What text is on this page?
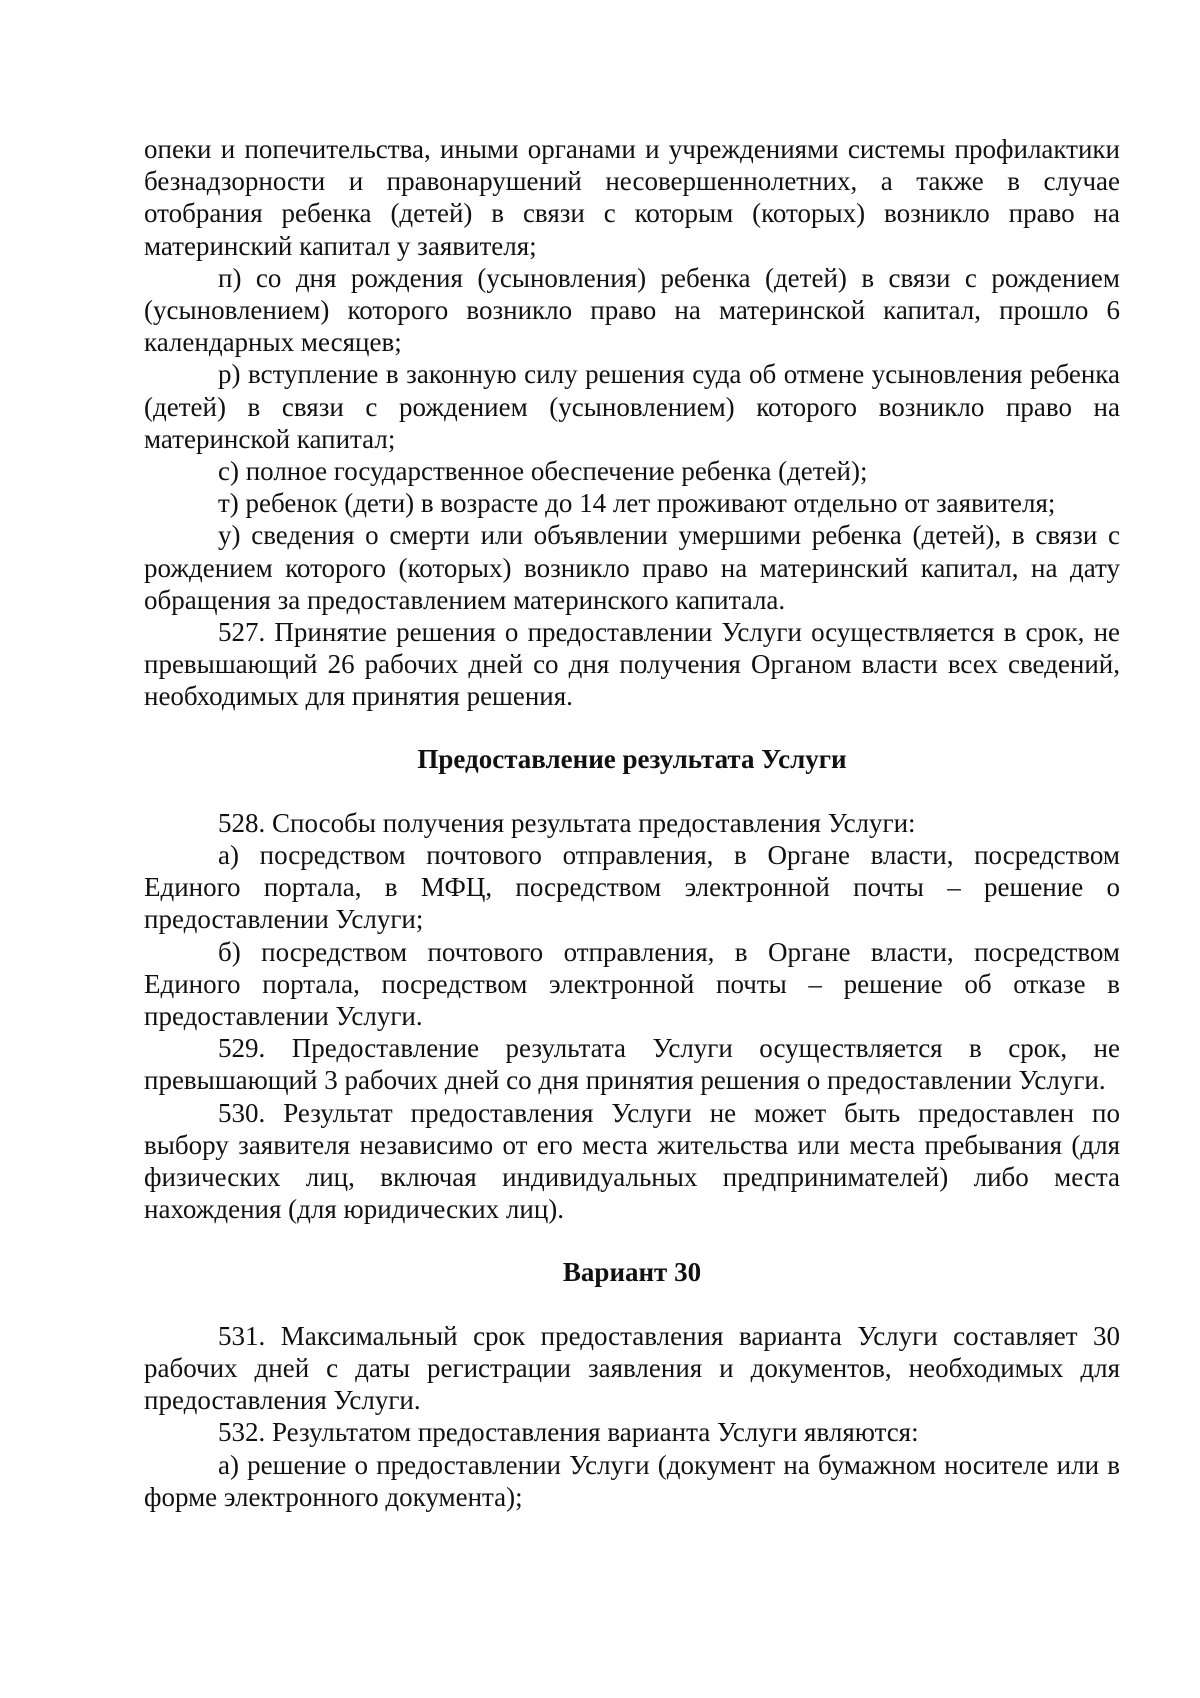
опеки и попечительства, иными органами и учреждениями системы профилактики безнадзорности и правонарушений несовершеннолетних, а также в случае отобрания ребенка (детей) в связи с которым (которых) возникло право на материнский капитал у заявителя;

п) со дня рождения (усыновления) ребенка (детей) в связи с рождением (усыновлением) которого возникло право на материнской капитал, прошло 6 календарных месяцев;

р) вступление в законную силу решения суда об отмене усыновления ребенка (детей) в связи с рождением (усыновлением) которого возникло право на материнской капитал;

с) полное государственное обеспечение ребенка (детей);

т) ребенок (дети) в возрасте до 14 лет проживают отдельно от заявителя;

у) сведения о смерти или объявлении умершими ребенка (детей), в связи с рождением которого (которых) возникло право на материнский капитал, на дату обращения за предоставлением материнского капитала.

527. Принятие решения о предоставлении Услуги осуществляется в срок, не превышающий 26 рабочих дней со дня получения Органом власти всех сведений, необходимых для принятия решения.

Предоставление результата Услуги

528. Способы получения результата предоставления Услуги:

а) посредством почтового отправления, в Органе власти, посредством Единого портала, в МФЦ, посредством электронной почты – решение о предоставлении Услуги;

б) посредством почтового отправления, в Органе власти, посредством Единого портала, посредством электронной почты – решение об отказе в предоставлении Услуги.

529. Предоставление результата Услуги осуществляется в срок, не превышающий 3 рабочих дней со дня принятия решения о предоставлении Услуги.

530. Результат предоставления Услуги не может быть предоставлен по выбору заявителя независимо от его места жительства или места пребывания (для физических лиц, включая индивидуальных предпринимателей) либо места нахождения (для юридических лиц).

Вариант 30

531. Максимальный срок предоставления варианта Услуги составляет 30 рабочих дней с даты регистрации заявления и документов, необходимых для предоставления Услуги.

532. Результатом предоставления варианта Услуги являются:

а) решение о предоставлении Услуги (документ на бумажном носителе или в форме электронного документа);
